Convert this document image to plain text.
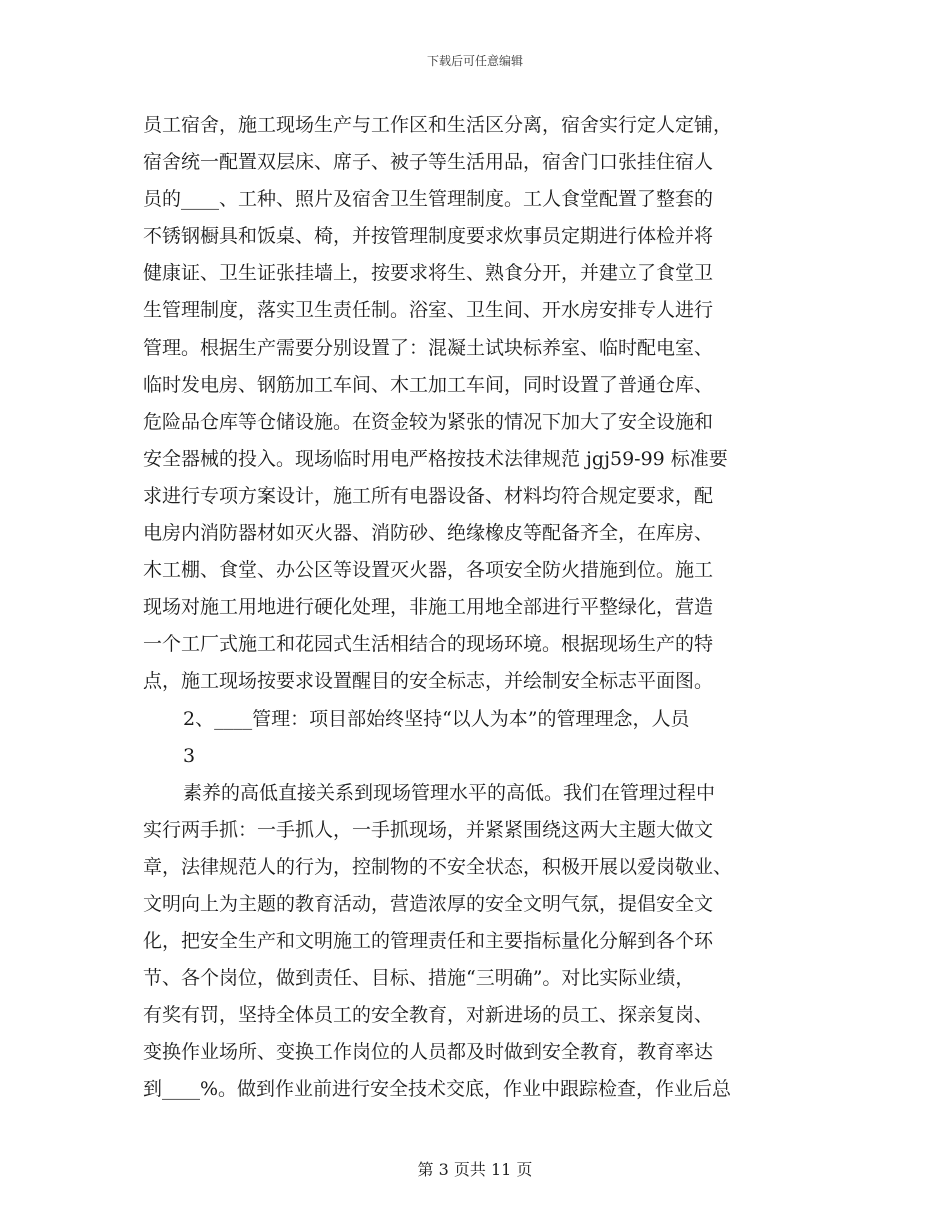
下载后可任意编辑
员工宿舍，施工现场生产与工作区和生活区分离，宿舍实行定人定铺，
宿舍统一配置双层床、席子、被子等生活用品，宿舍门口张挂住宿人
员的____、工种、照片及宿舍卫生管理制度。工人食堂配置了整套的
不锈钢橱具和饭桌、椅，并按管理制度要求炊事员定期进行体检并将
健康证、卫生证张挂墙上，按要求将生、熟食分开，并建立了食堂卫
生管理制度，落实卫生责任制。浴室、卫生间、开水房安排专人进行
管理。根据生产需要分别设置了：混凝土试块标养室、临时配电室、
临时发电房、钢筋加工车间、木工加工车间，同时设置了普通仓库、
危险品仓库等仓储设施。在资金较为紧张的情况下加大了安全设施和
安全器械的投入。现场临时用电严格按技术法律规范 jgj59-99 标准要
求进行专项方案设计，施工所有电器设备、材料均符合规定要求，配
电房内消防器材如灭火器、消防砂、绝缘橡皮等配备齐全，在库房、
木工棚、食堂、办公区等设置灭火器，各项安全防火措施到位。施工
现场对施工用地进行硬化处理，非施工用地全部进行平整绿化，营造
一个工厂式施工和花园式生活相结合的现场环境。根据现场生产的特
点，施工现场按要求设置醒目的安全标志，并绘制安全标志平面图。
2、____管理：项目部始终坚持“以人为本”的管理理念，人员
3
素养的高低直接关系到现场管理水平的高低。我们在管理过程中
实行两手抓：一手抓人，一手抓现场，并紧紧围绕这两大主题大做文
章，法律规范人的行为，控制物的不安全状态，积极开展以爱岗敬业、
文明向上为主题的教育活动，营造浓厚的安全文明气氛，提倡安全文
化，把安全生产和文明施工的管理责任和主要指标量化分解到各个环
节、各个岗位，做到责任、目标、措施“三明确”。对比实际业绩，
有奖有罚，坚持全体员工的安全教育，对新进场的员工、探亲复岗、
变换作业场所、变换工作岗位的人员都及时做到安全教育，教育率达
到____%。做到作业前进行安全技术交底，作业中跟踪检查，作业后总
第 3 页共 11 页
